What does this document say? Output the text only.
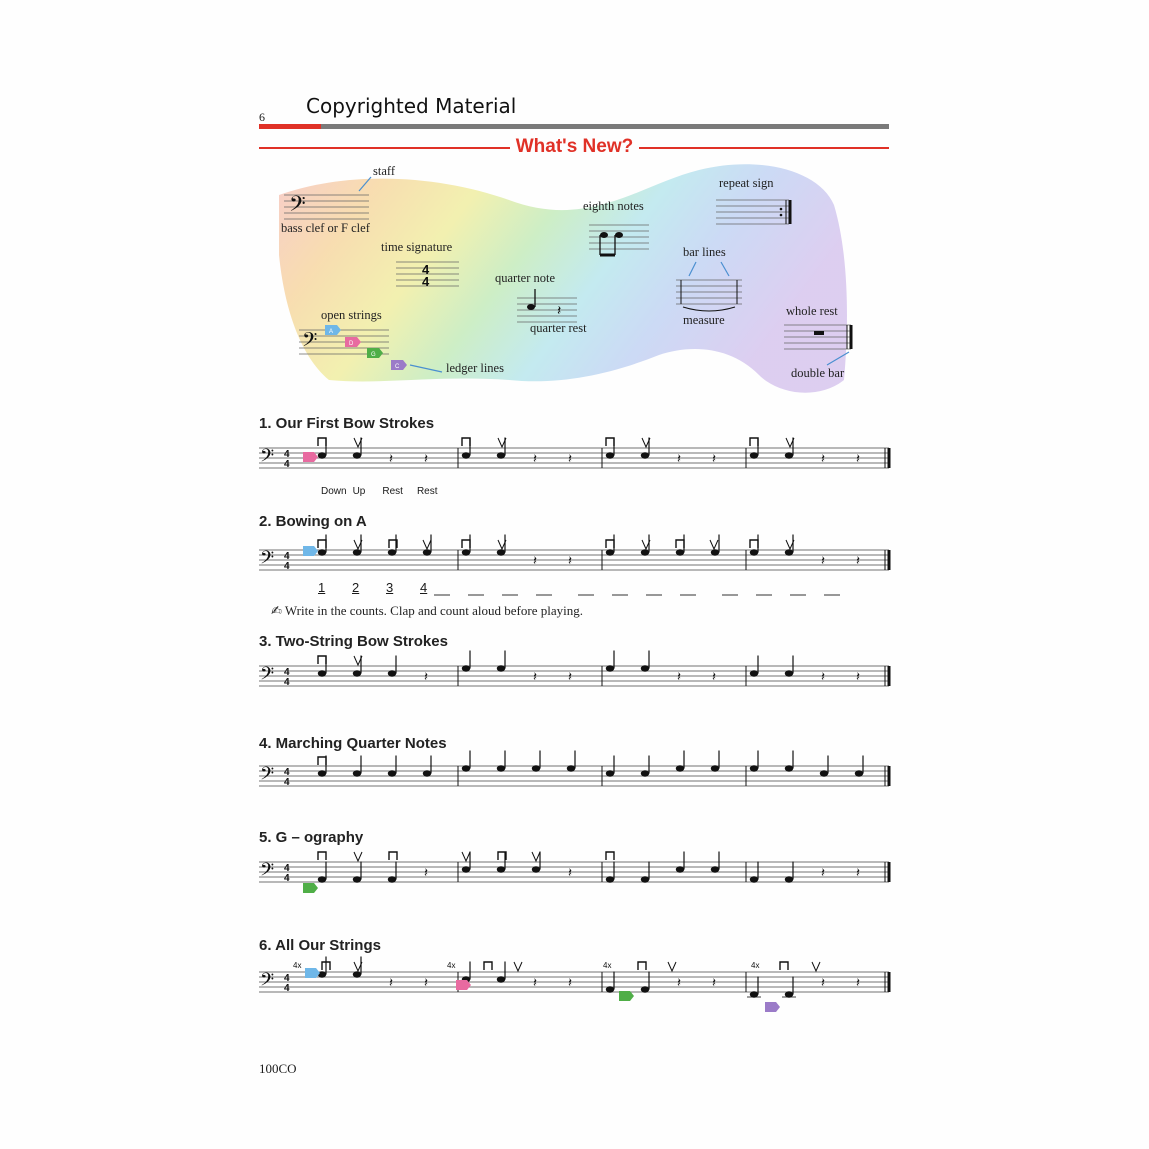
Copyrighted Material
6
What's New?
𝄢
4
4
𝄽
𝄢 A
D
G
C
staff
bass clef or F clef
time signature
quarter note
quarter rest
eighth notes
repeat sign
bar lines
measure
whole rest
double bar
open strings
ledger lines
1. Our First Bow Strokes
2. Bowing on A
3. Two-String Bow Strokes
4. Marching Quarter Notes
5. G – ography
6. All Our Strings
Down Up Rest Rest
1 2 3 4
✍ Write in the counts. Clap and count aloud before playing.
𝄢 4
4	𝄽 𝄽	𝄽 𝄽	𝄽 𝄽	𝄽 𝄽
𝄢 4
4	𝄽 𝄽	𝄽 𝄽
𝄢 4
4	𝄽	𝄽 𝄽	𝄽 𝄽	𝄽 𝄽
𝄢 4
4
𝄢 4
4	𝄽	𝄽	𝄽 𝄽
𝄢 4
4	𝄽 𝄽	𝄽 𝄽	𝄽 𝄽	𝄽 𝄽
4x	4x	4x	4x
100CO
